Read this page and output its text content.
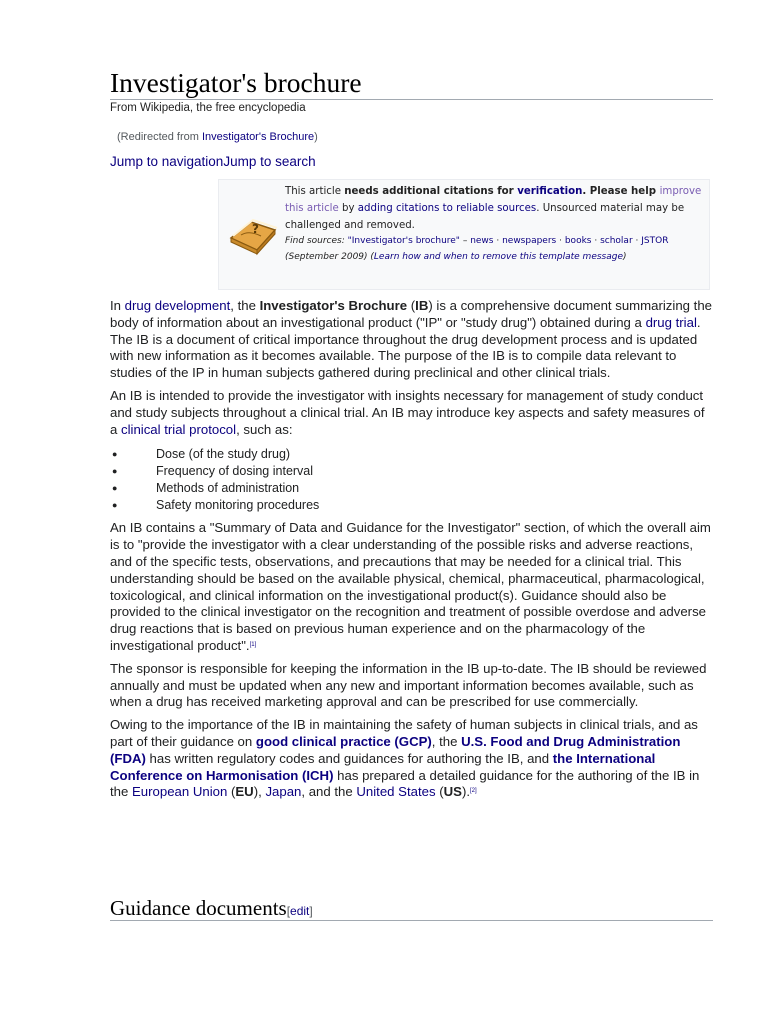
Investigator's brochure
From Wikipedia, the free encyclopedia
(Redirected from Investigator's Brochure)
Jump to navigationJump to search
?
This article needs additional citations for verification. Please help improve this article by adding citations to reliable sources. Unsourced material may be challenged and removed.
Find sources: "Investigator's brochure" – news · newspapers · books · scholar · JSTOR (September 2009) (Learn how and when to remove this template message)

In drug development, the Investigator's Brochure (IB) is a comprehensive document summarizing the body of information about an investigational product ("IP" or "study drug") obtained during a drug trial. The IB is a document of critical importance throughout the drug development process and is updated with new information as it becomes available. The purpose of the IB is to compile data relevant to studies of the IP in human subjects gathered during preclinical and other clinical trials.

An IB is intended to provide the investigator with insights necessary for management of study conduct and study subjects throughout a clinical trial. An IB may introduce key aspects and safety measures of a clinical trial protocol, such as:

●	Dose (of the study drug)
●	Frequency of dosing interval
●	Methods of administration
●	Safety monitoring procedures

An IB contains a "Summary of Data and Guidance for the Investigator" section, of which the overall aim is to "provide the investigator with a clear understanding of the possible risks and adverse reactions, and of the specific tests, observations, and precautions that may be needed for a clinical trial. This understanding should be based on the available physical, chemical, pharmaceutical, pharmacological, toxicological, and clinical information on the investigational product(s). Guidance should also be provided to the clinical investigator on the recognition and treatment of possible overdose and adverse drug reactions that is based on previous human experience and on the pharmacology of the investigational product".[1]

The sponsor is responsible for keeping the information in the IB up-to-date. The IB should be reviewed annually and must be updated when any new and important information becomes available, such as when a drug has received marketing approval and can be prescribed for use commercially.

Owing to the importance of the IB in maintaining the safety of human subjects in clinical trials, and as part of their guidance on good clinical practice (GCP), the U.S. Food and Drug Administration (FDA) has written regulatory codes and guidances for authoring the IB, and the International Conference on Harmonisation (ICH) has prepared a detailed guidance for the authoring of the IB in the European Union (EU), Japan, and the United States (US).[2]

Guidance documents[edit]
